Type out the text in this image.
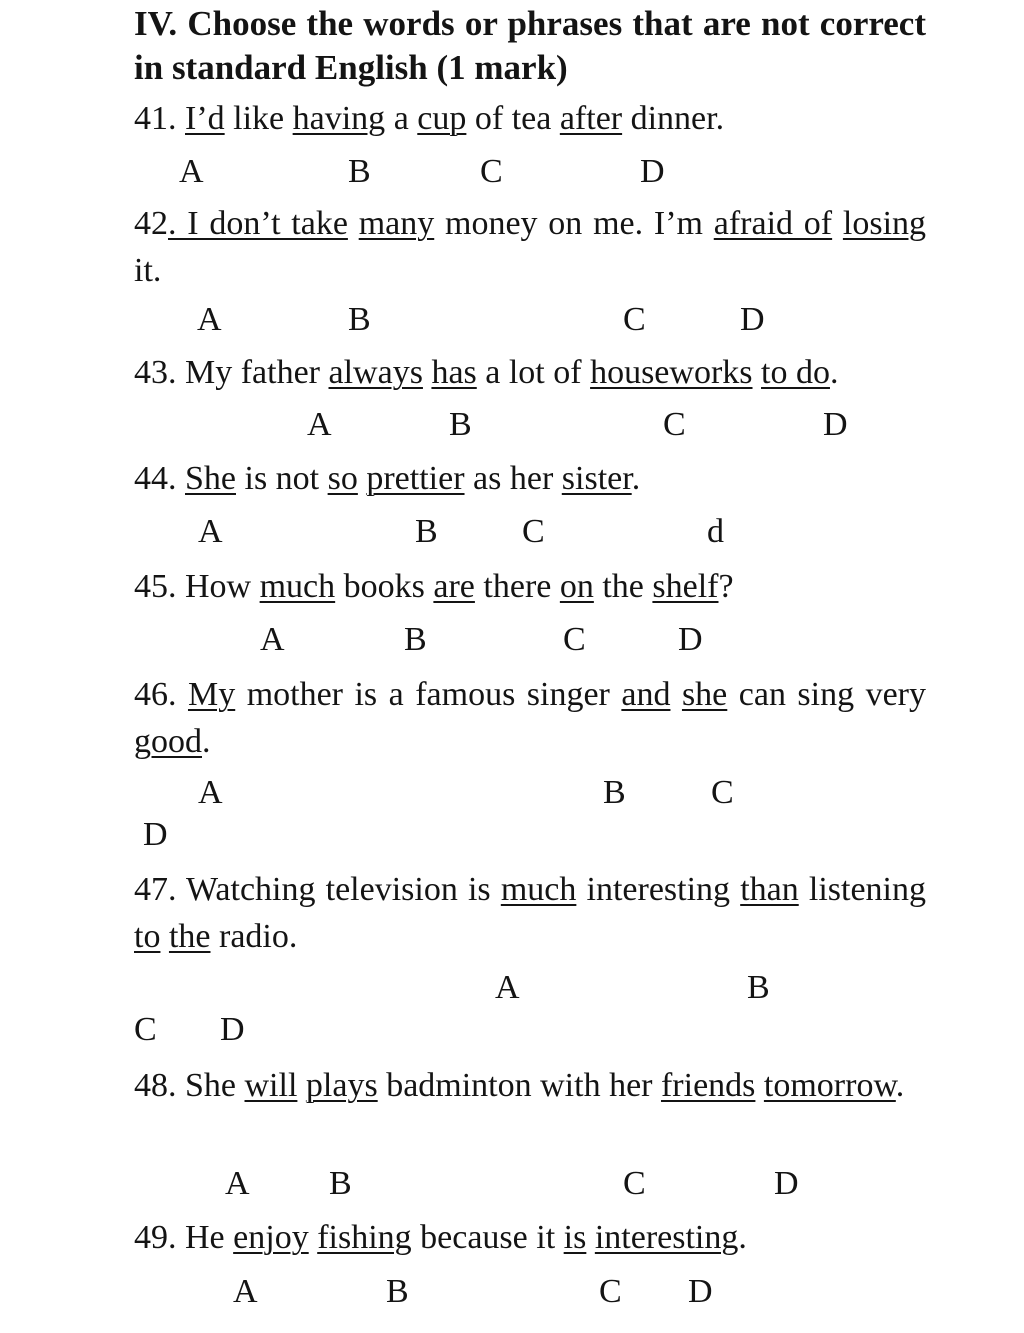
IV. Choose the words or phrases that are not correct in standard English (1 mark)
41. I’d like having a cup of tea after dinner.
42. I don’t take many money on me. I’m afraid of losing it.
43. My father always has a lot of houseworks to do.
44. She is not so prettier as her sister.
45. How much books are there on the shelf?
46. My mother is a famous singer and she can sing very good.
47. Watching television is much interesting than listening to the radio.
48. She will plays badminton with her friends tomorrow.
49. He enjoy fishing because it is interesting.
A	B	C	D
A	B	C	D
A	B	C	D
A	B C	d
A	B	C	D
A	B	C
D
A	B
C D
A B	C	D
A	B	C D
